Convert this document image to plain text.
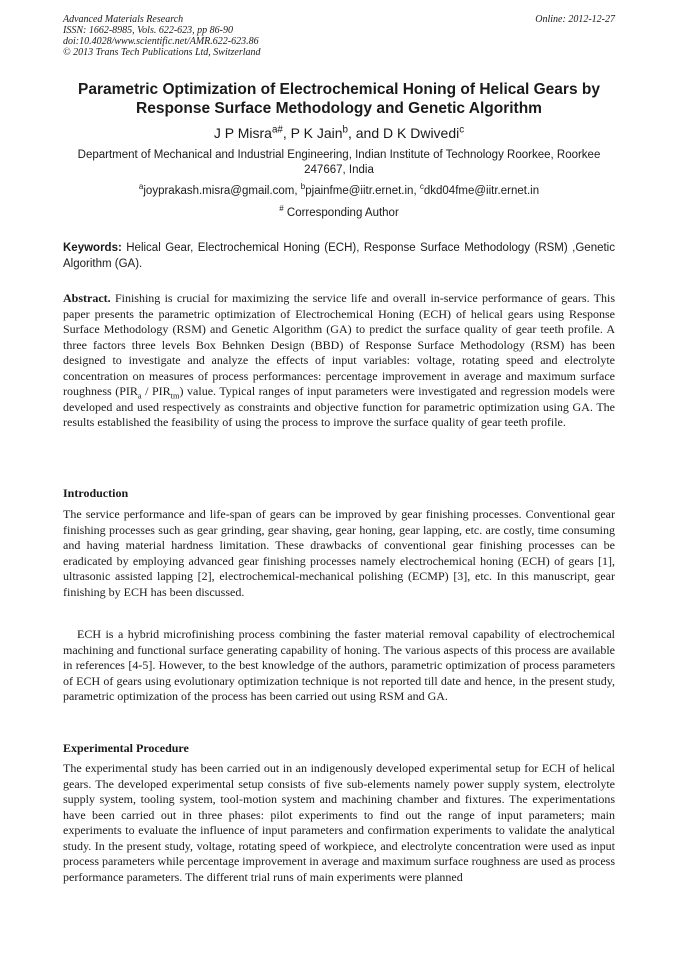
Advanced Materials Research
ISSN: 1662-8985, Vols. 622-623, pp 86-90
doi:10.4028/www.scientific.net/AMR.622-623.86
© 2013 Trans Tech Publications Ltd, Switzerland
Online: 2012-12-27
Parametric Optimization of Electrochemical Honing of Helical Gears by Response Surface Methodology and Genetic Algorithm
J P Misra$^{a\#}$, P K Jain$^b$, and D K Dwivedi$^c$
Department of Mechanical and Industrial Engineering, Indian Institute of Technology Roorkee, Roorkee 247667, India
$^a$joyprakash.misra@gmail.com, $^b$pjainfme@iitr.ernet.in, $^c$dkd04fme@iitr.ernet.in
# Corresponding Author
Keywords: Helical Gear, Electrochemical Honing (ECH), Response Surface Methodology (RSM) ,Genetic Algorithm (GA).
Abstract. Finishing is crucial for maximizing the service life and overall in-service performance of gears. This paper presents the parametric optimization of Electrochemical Honing (ECH) of helical gears using Response Surface Methodology (RSM) and Genetic Algorithm (GA) to predict the surface quality of gear teeth profile. A three factors three levels Box Behnken Design (BBD) of Response Surface Methodology (RSM) has been designed to investigate and analyze the effects of input variables: voltage, rotating speed and electrolyte concentration on measures of process performances: percentage improvement in average and maximum surface roughness $(PIR_a / PIR_{tm})$ value. Typical ranges of input parameters were investigated and regression models were developed and used respectively as constraints and objective function for parametric optimization using GA. The results established the feasibility of using the process to improve the surface quality of gear teeth profile.
Introduction
The service performance and life-span of gears can be improved by gear finishing processes. Conventional gear finishing processes such as gear grinding, gear shaving, gear honing, gear lapping, etc. are costly, time consuming and having material hardness limitation. These drawbacks of conventional gear finishing processes can be eradicated by employing advanced gear finishing processes namely electrochemical honing (ECH) of gears [1], ultrasonic assisted lapping [2], electrochemical-mechanical polishing (ECMP) [3], etc. In this manuscript, gear finishing by ECH has been discussed.
ECH is a hybrid microfinishing process combining the faster material removal capability of electrochemical machining and functional surface generating capability of honing. The various aspects of this process are available in references [4-5]. However, to the best knowledge of the authors, parametric optimization of process parameters of ECH of gears using evolutionary optimization technique is not reported till date and hence, in the present study, parametric optimization of the process has been carried out using RSM and GA.
Experimental Procedure
The experimental study has been carried out in an indigenously developed experimental setup for ECH of helical gears. The developed experimental setup consists of five sub-elements namely power supply system, electrolyte supply system, tooling system, tool-motion system and machining chamber and fixtures. The experimentations have been carried out in three phases: pilot experiments to find out the range of input parameters; main experiments to evaluate the influence of input parameters and confirmation experiments to validate the analytical study. In the present study, voltage, rotating speed of workpiece, and electrolyte concentration were used as input process parameters while percentage improvement in average and maximum surface roughness are used as process performance parameters. The different trial runs of main experiments were planned
